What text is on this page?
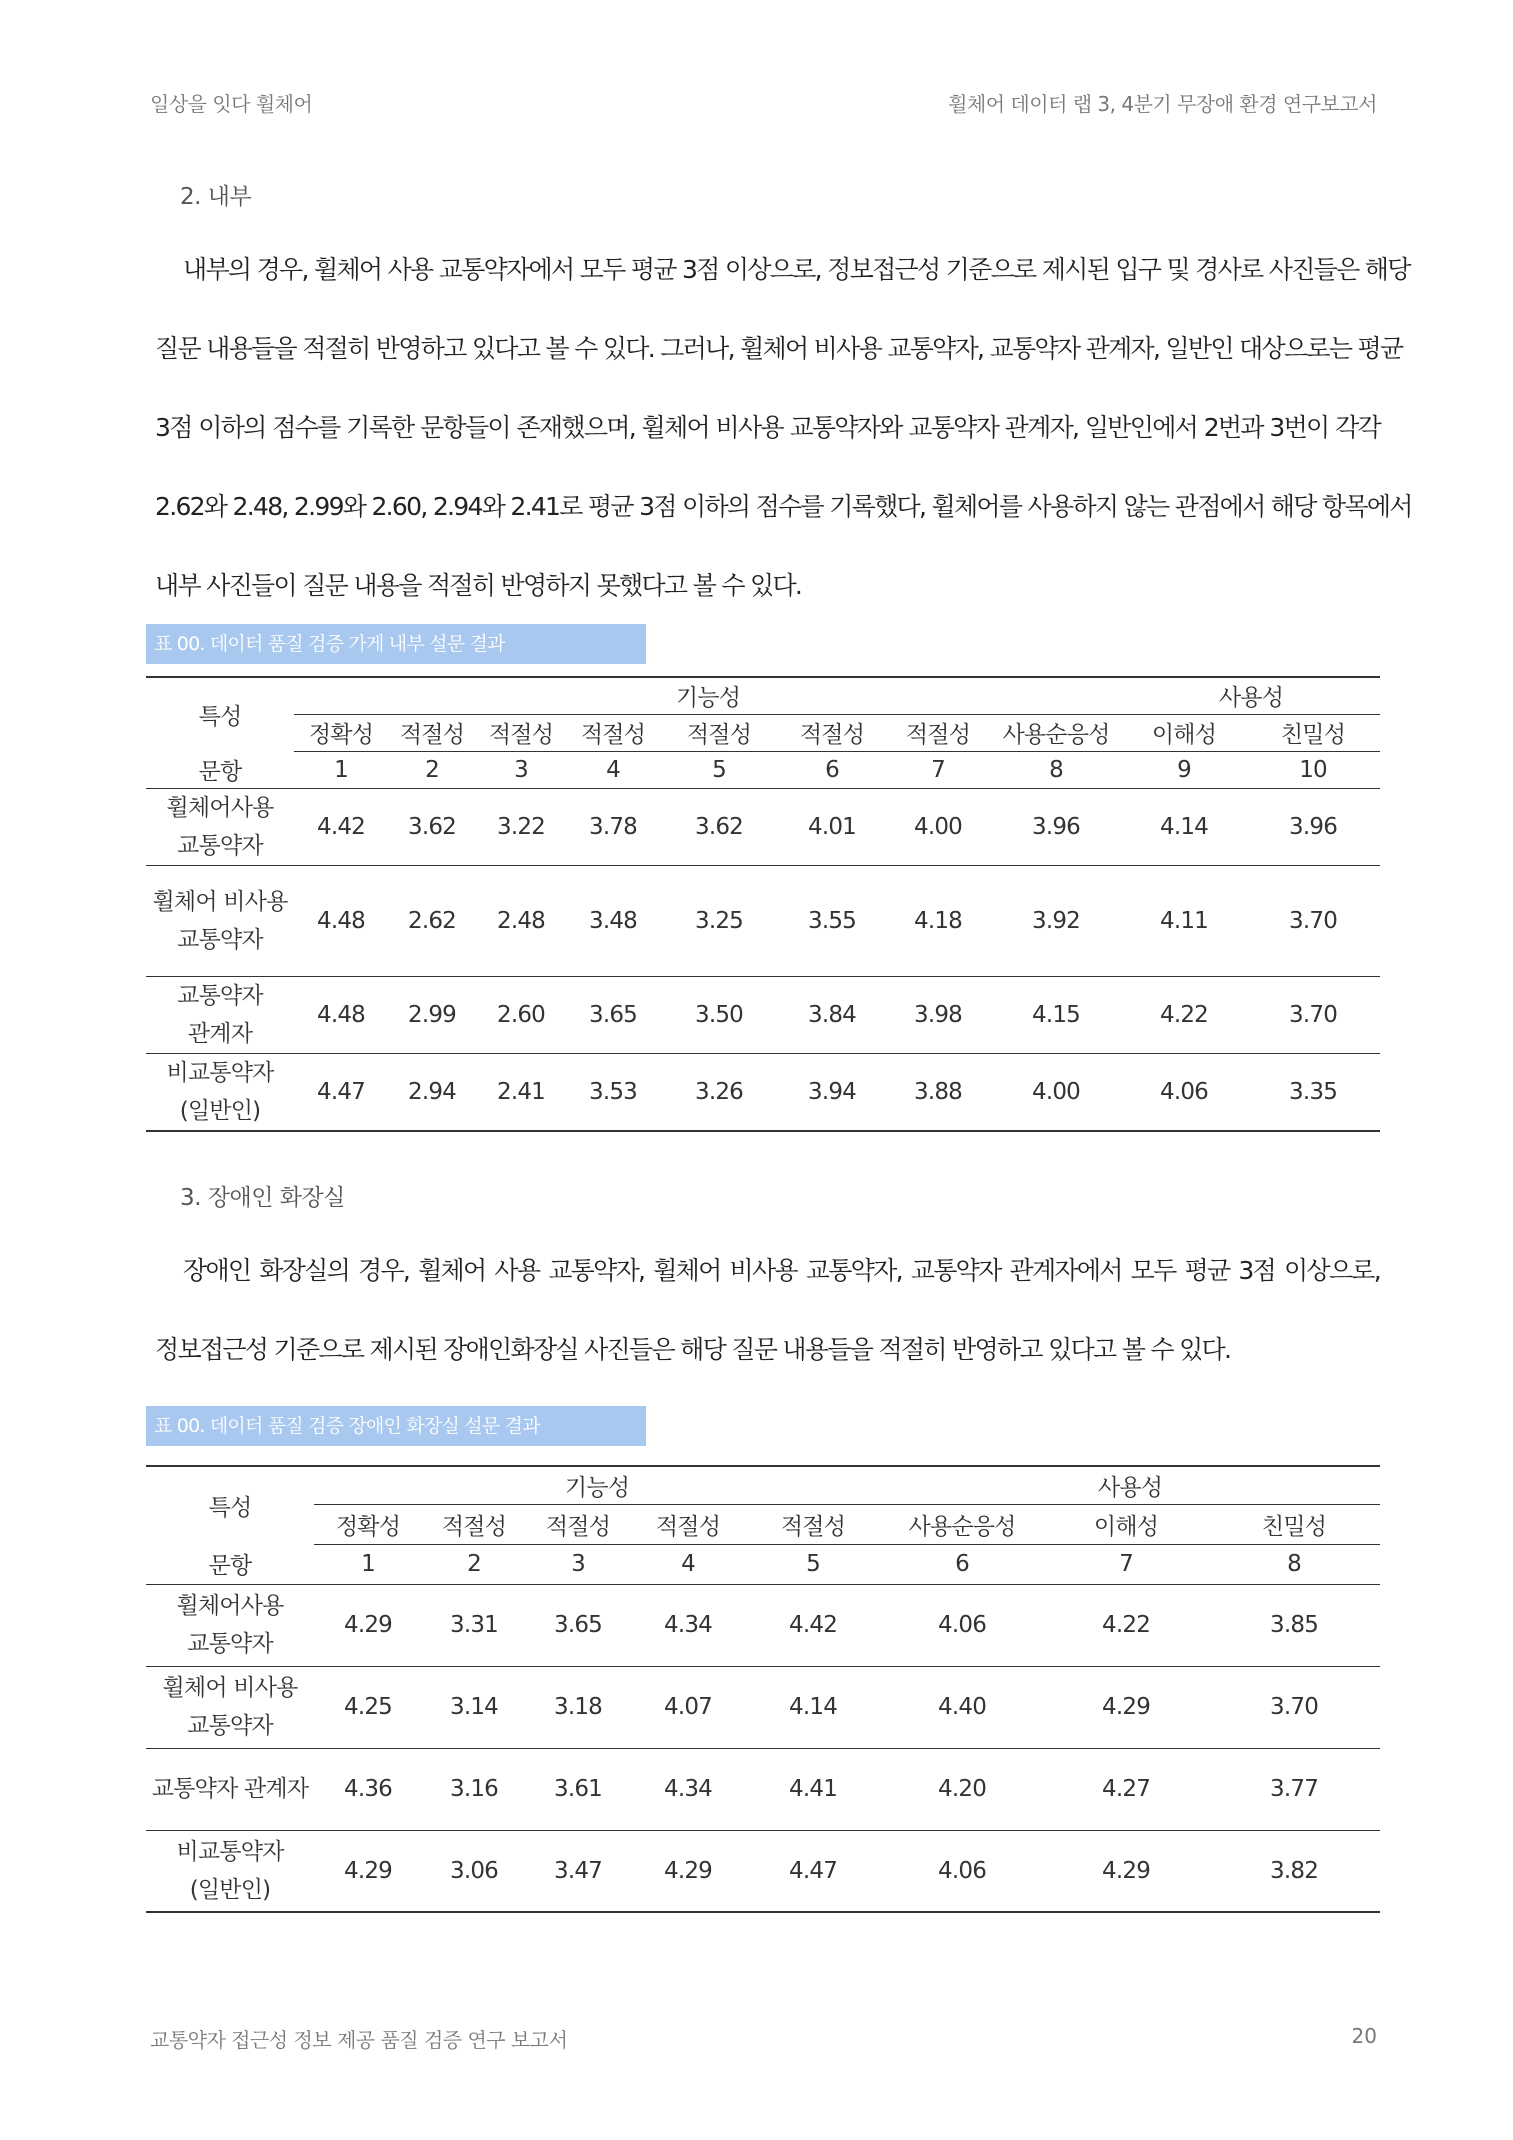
일상을 잇다 휠체어	휠체어 데이터 랩 3, 4분기 무장애 환경 연구보고서
2. 내부

내부의 경우, 휠체어 사용 교통약자에서 모두 평균 3점 이상으로, 정보접근성 기준으로 제시된 입구 및 경사로 사진들은 해당
질문 내용들을 적절히 반영하고 있다고 볼 수 있다. 그러나, 휠체어 비사용 교통약자, 교통약자 관계자, 일반인 대상으로는 평균
3점 이하의 점수를 기록한 문항들이 존재했으며, 휠체어 비사용 교통약자와 교통약자 관계자, 일반인에서 2번과 3번이 각각
2.62와 2.48, 2.99와 2.60, 2.94와 2.41로 평균 3점 이하의 점수를 기록했다, 휠체어를 사용하지 않는 관점에서 해당 항목에서
내부 사진들이 질문 내용을 적절히 반영하지 못했다고 볼 수 있다.

표 00. 데이터 품질 검증 가게 내부 설문 결과
특성	기능성								사용성	
	정확성	적절성	적절성	적절성	적절성	적절성	적절성	사용순응성	이해성	친밀성
문항	1	2	3	4	5	6	7	8	9	10
휠체어사용
교통약자	4.42	3.62	3.22	3.78	3.62	4.01	4.00	3.96	4.14	3.96
휠체어 비사용
교통약자	4.48	2.62	2.48	3.48	3.25	3.55	4.18	3.92	4.11	3.70
교통약자
관계자	4.48	2.99	2.60	3.65	3.50	3.84	3.98	4.15	4.22	3.70
비교통약자
(일반인)	4.47	2.94	2.41	3.53	3.26	3.94	3.88	4.00	4.06	3.35
3. 장애인 화장실

장애인 화장실의 경우, 휠체어 사용 교통약자, 휠체어 비사용 교통약자, 교통약자 관계자에서 모두 평균 3점 이상으로,
정보접근성 기준으로 제시된 장애인화장실 사진들은 해당 질문 내용들을 적절히 반영하고 있다고 볼 수 있다.

표 00. 데이터 품질 검증 장애인 화장실 설문 결과
특성	기능성					사용성		
	정확성	적절성	적절성	적절성	적절성	사용순응성	이해성	친밀성
문항	1	2	3	4	5	6	7	8
휠체어사용
교통약자	4.29	3.31	3.65	4.34	4.42	4.06	4.22	3.85
휠체어 비사용
교통약자	4.25	3.14	3.18	4.07	4.14	4.40	4.29	3.70
교통약자 관계자	4.36	3.16	3.61	4.34	4.41	4.20	4.27	3.77
비교통약자
(일반인)	4.29	3.06	3.47	4.29	4.47	4.06	4.29	3.82
교통약자 접근성 정보 제공 품질 검증 연구 보고서	20
